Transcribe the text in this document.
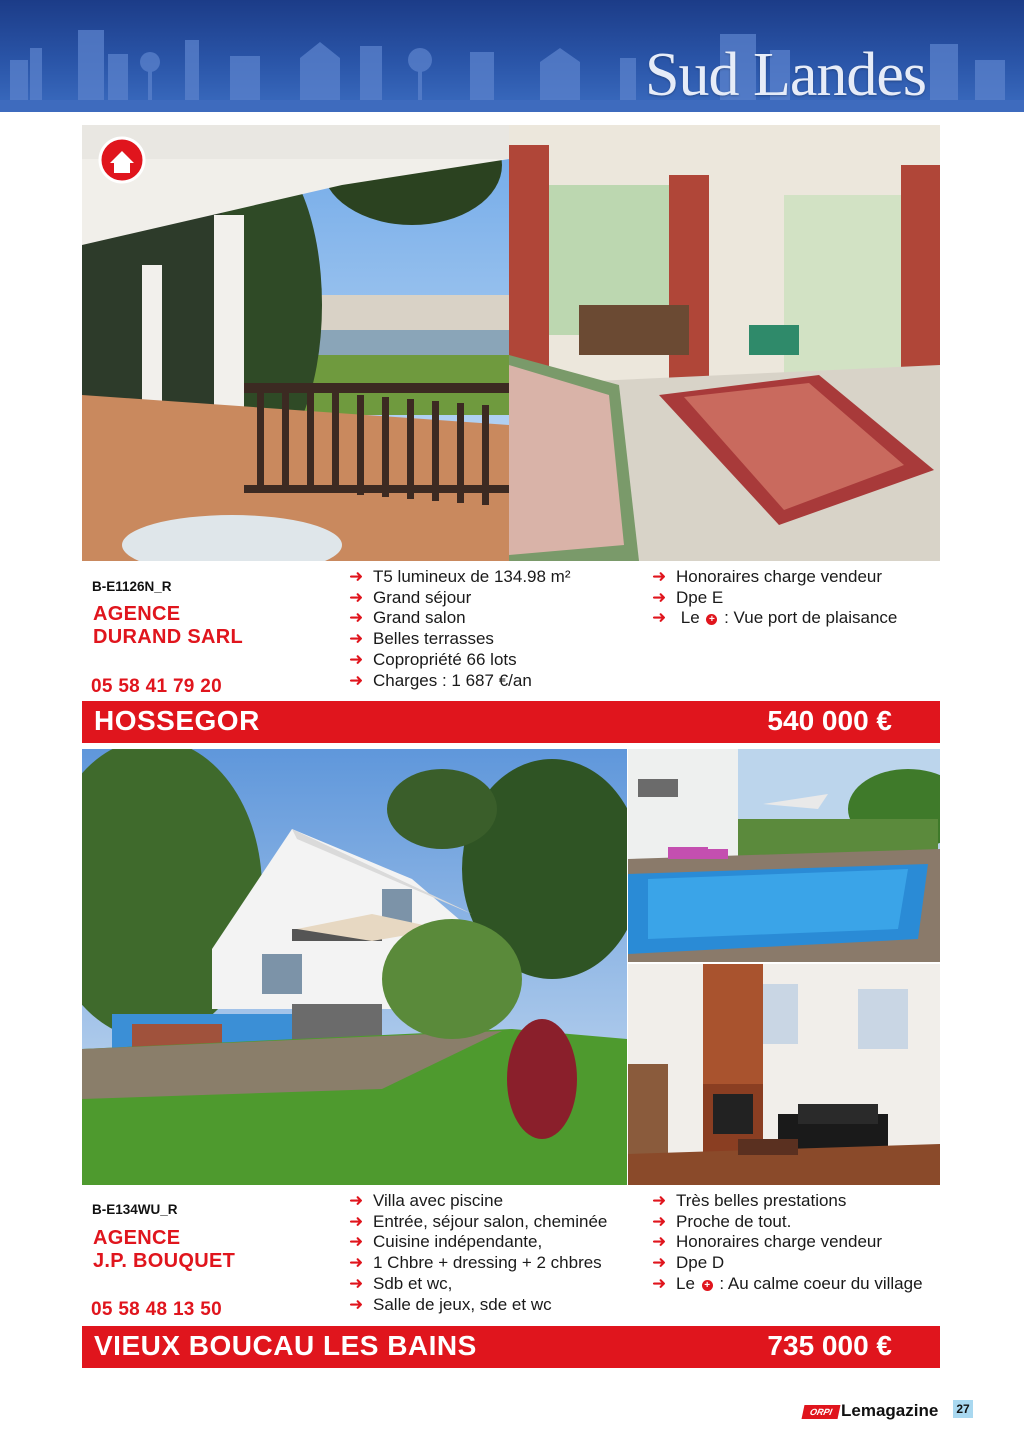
Sud Landes
B-E1126N_R
AGENCE
DURAND SARL
05 58 41 79 20
➜ T5 lumineux de 134.98 m²
➜ Grand séjour
➜ Grand salon
➜ Belles terrasses
➜ Copropriété 66 lots
➜ Charges : 1 687 €/an
➜ Honoraires charge vendeur
➜ Dpe E
➜ Le + : Vue port de plaisance
HOSSEGOR	540 000 €
B-E134WU_R
AGENCE
J.P. BOUQUET
05 58 48 13 50
➜ Villa avec piscine
➜ Entrée, séjour salon, cheminée
➜ Cuisine indépendante,
➜ 1 Chbre + dressing + 2 chbres
➜ Sdb et wc,
➜ Salle de jeux, sde et wc
➜ Très belles prestations
➜ Proche de tout.
➜ Honoraires charge vendeur
➜ Dpe D
➜ Le + : Au calme coeur du village
VIEUX BOUCAU LES BAINS	735 000 €
ORPI Lemagazine 27
